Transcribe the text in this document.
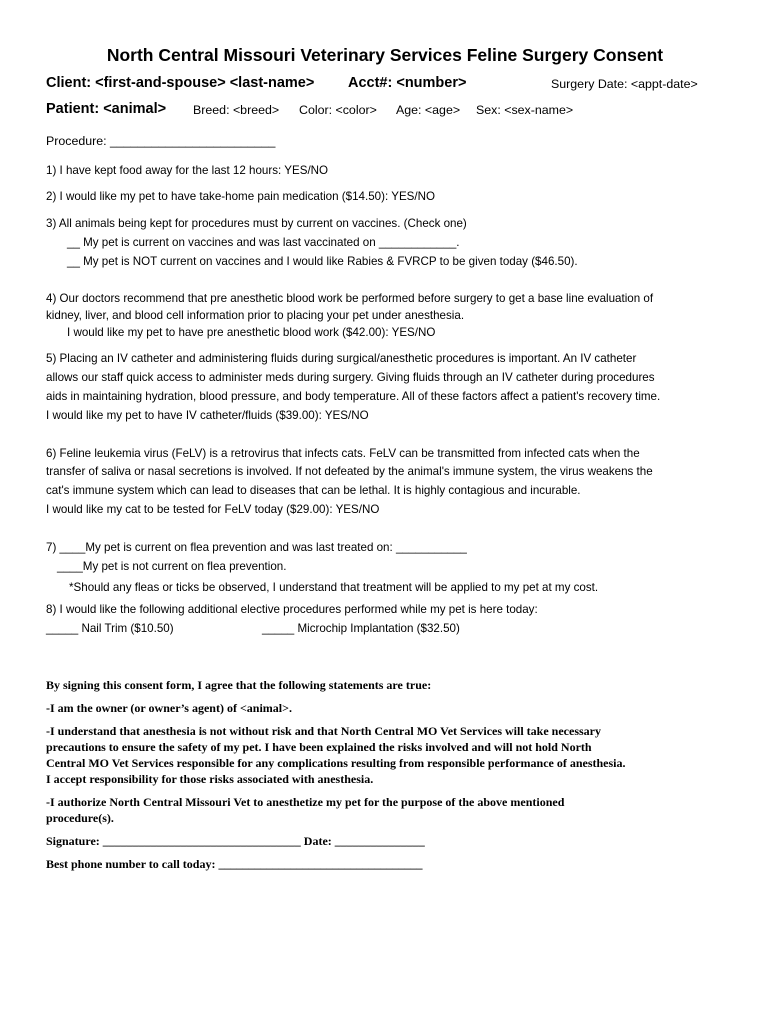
North Central Missouri Veterinary Services Feline Surgery Consent
Client: <first-and-spouse> <last-name> Acct#: <number>	Surgery Date: <appt-date>
Patient: <animal> Breed: <breed> Color: <color> Age: <age> Sex: <sex-name>
Procedure: ________________________
1) I have kept food away for the last 12 hours: YES/NO
2) I would like my pet to have take-home pain medication ($14.50): YES/NO
3) All animals being kept for procedures must by current on vaccines. (Check one)
__ My pet is current on vaccines and was last vaccinated on ____________.
__ My pet is NOT current on vaccines and I would like Rabies & FVRCP to be given today ($46.50).
4) Our doctors recommend that pre anesthetic blood work be performed before surgery to get a base line evaluation of
kidney, liver, and blood cell information prior to placing your pet under anesthesia.
I would like my pet to have pre anesthetic blood work ($42.00): YES/NO
5) Placing an IV catheter and administering fluids during surgical/anesthetic procedures is important. An IV catheter
allows our staff quick access to administer meds during surgery. Giving fluids through an IV catheter during procedures
aids in maintaining hydration, blood pressure, and body temperature. All of these factors affect a patient's recovery time.
I would like my pet to have IV catheter/fluids ($39.00): YES/NO
6) Feline leukemia virus (FeLV) is a retrovirus that infects cats. FeLV can be transmitted from infected cats when the
transfer of saliva or nasal secretions is involved. If not defeated by the animal's immune system, the virus weakens the
cat's immune system which can lead to diseases that can be lethal. It is highly contagious and incurable.
I would like my cat to be tested for FeLV today ($29.00): YES/NO
7) ____My pet is current on flea prevention and was last treated on: ___________
____My pet is not current on flea prevention.
*Should any fleas or ticks be observed, I understand that treatment will be applied to my pet at my cost.
8) I would like the following additional elective procedures performed while my pet is here today:
_____ Nail Trim ($10.50)	_____ Microchip Implantation ($32.50)
By signing this consent form, I agree that the following statements are true:
-I am the owner (or owner’s agent) of <animal>.
-I understand that anesthesia is not without risk and that North Central MO Vet Services will take necessary
precautions to ensure the safety of my pet. I have been explained the risks involved and will not hold North
Central MO Vet Services responsible for any complications resulting from responsible performance of anesthesia.
I accept responsibility for those risks associated with anesthesia.
-I authorize North Central Missouri Vet to anesthetize my pet for the purpose of the above mentioned
procedure(s).
Signature: _________________________________ Date: _______________
Best phone number to call today: __________________________________
